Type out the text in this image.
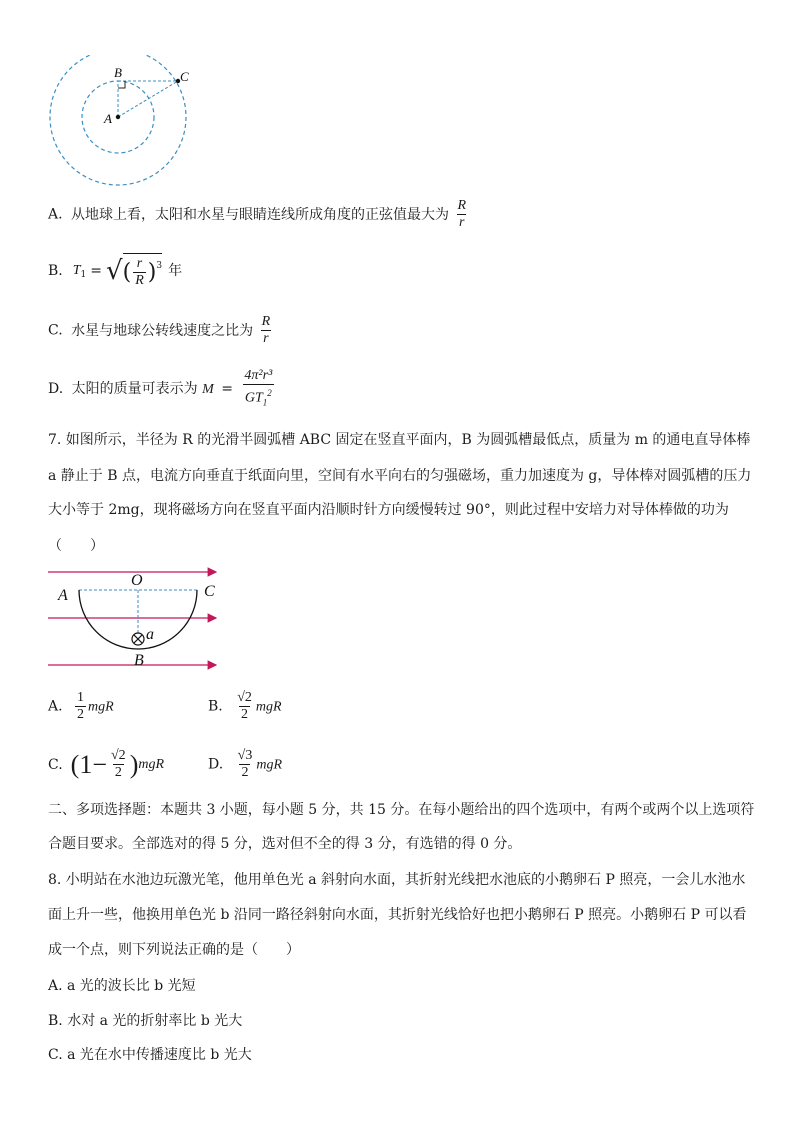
A
B	C
A. 从地球上看，太阳和水星与眼睛连线所成角度的正弦值最大为 $\frac{R}{r}$
B. $T_1$ = √ ( $\frac{r}{R} )^3$ 年
C. 水星与地球公转线速度之比为 $\frac{R}{r}$
D. 太阳的质量可表示为 $M = \frac{\text{4π²r³}}{GT_1^2}$
7. 如图所示，半径为 R 的光滑半圆弧槽 ABC 固定在竖直平面内，B 为圆弧槽最低点，质量为 m 的通电直导体棒
a 静止于 B 点，电流方向垂直于纸面向里，空间有水平向右的匀强磁场，重力加速度为 g，导体棒对圆弧槽的压力
大小等于 2mg，现将磁场方向在竖直平面内沿顺时针方向缓慢转过 90°，则此过程中安培力对导体棒做的功为
（　　）
A
O
C
a
B
A. $\frac{1}{2}$ mgR	B. $\frac{√2}{2}$ mgR
C. ($1- \frac{√2}{2}$ ) mgR	D. $\frac{√3}{2}$ mgR
二、多项选择题：本题共 3 小题，每小题 5 分，共 15 分。在每小题给出的四个选项中，有两个或两个以上选项符
合题目要求。全部选对的得 5 分，选对但不全的得 3 分，有选错的得 0 分。
8. 小明站在水池边玩激光笔，他用单色光 a 斜射向水面，其折射光线把水池底的小鹅卵石 P 照亮，一会儿水池水
面上升一些，他换用单色光 b 沿同一路径斜射向水面，其折射光线恰好也把小鹅卵石 P 照亮。小鹅卵石 P 可以看
成一个点，则下列说法正确的是（　　）
A. a 光的波长比 b 光短
B. 水对 a 光的折射率比 b 光大
C. a 光在水中传播速度比 b 光大
